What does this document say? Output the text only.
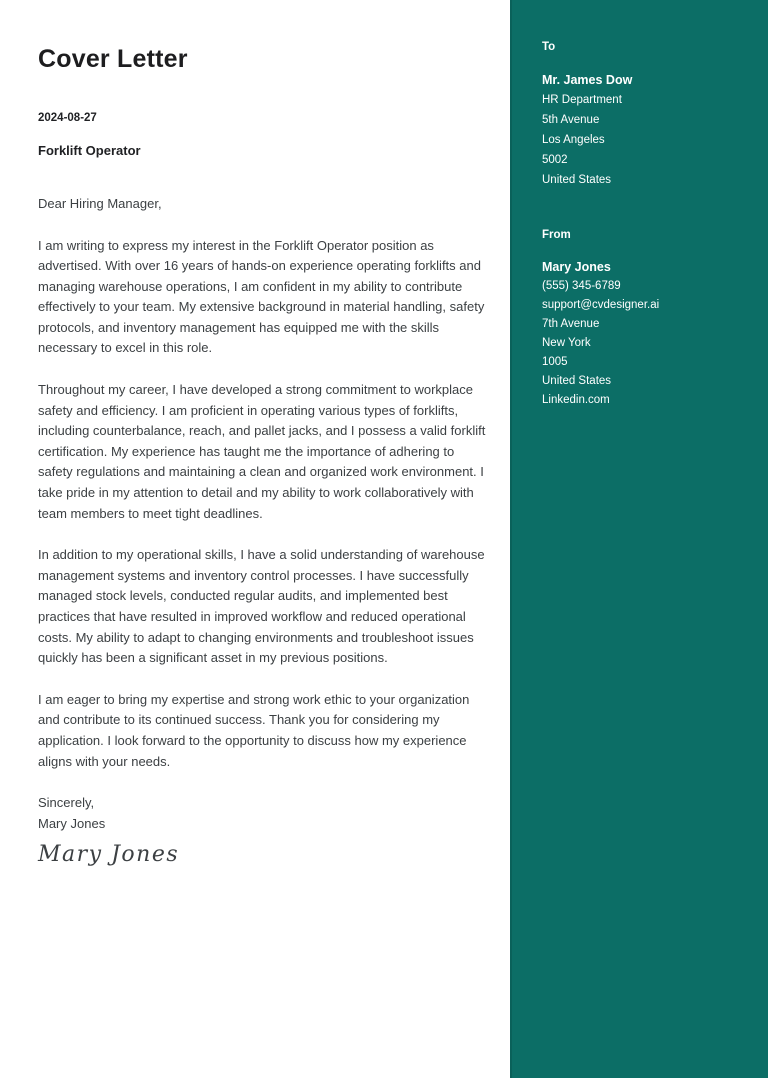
Cover Letter
2024-08-27
Forklift Operator

Dear Hiring Manager,

I am writing to express my interest in the Forklift Operator position as advertised. With over 16 years of hands-on experience operating forklifts and managing warehouse operations, I am confident in my ability to contribute effectively to your team. My extensive background in material handling, safety protocols, and inventory management has equipped me with the skills necessary to excel in this role.

Throughout my career, I have developed a strong commitment to workplace safety and efficiency. I am proficient in operating various types of forklifts, including counterbalance, reach, and pallet jacks, and I possess a valid forklift certification. My experience has taught me the importance of adhering to safety regulations and maintaining a clean and organized work environment. I take pride in my attention to detail and my ability to work collaboratively with team members to meet tight deadlines.

In addition to my operational skills, I have a solid understanding of warehouse management systems and inventory control processes. I have successfully managed stock levels, conducted regular audits, and implemented best practices that have resulted in improved workflow and reduced operational costs. My ability to adapt to changing environments and troubleshoot issues quickly has been a significant asset in my previous positions.

I am eager to bring my expertise and strong work ethic to your organization and contribute to its continued success. Thank you for considering my application. I look forward to the opportunity to discuss how my experience aligns with your needs.

Sincerely,
Mary Jones
Mary Jones
To
Mr. James Dow
HR Department
5th Avenue
Los Angeles
5002
United States
From
Mary Jones
(555) 345-6789
support@cvdesigner.ai
7th Avenue
New York
1005
United States
Linkedin.com
